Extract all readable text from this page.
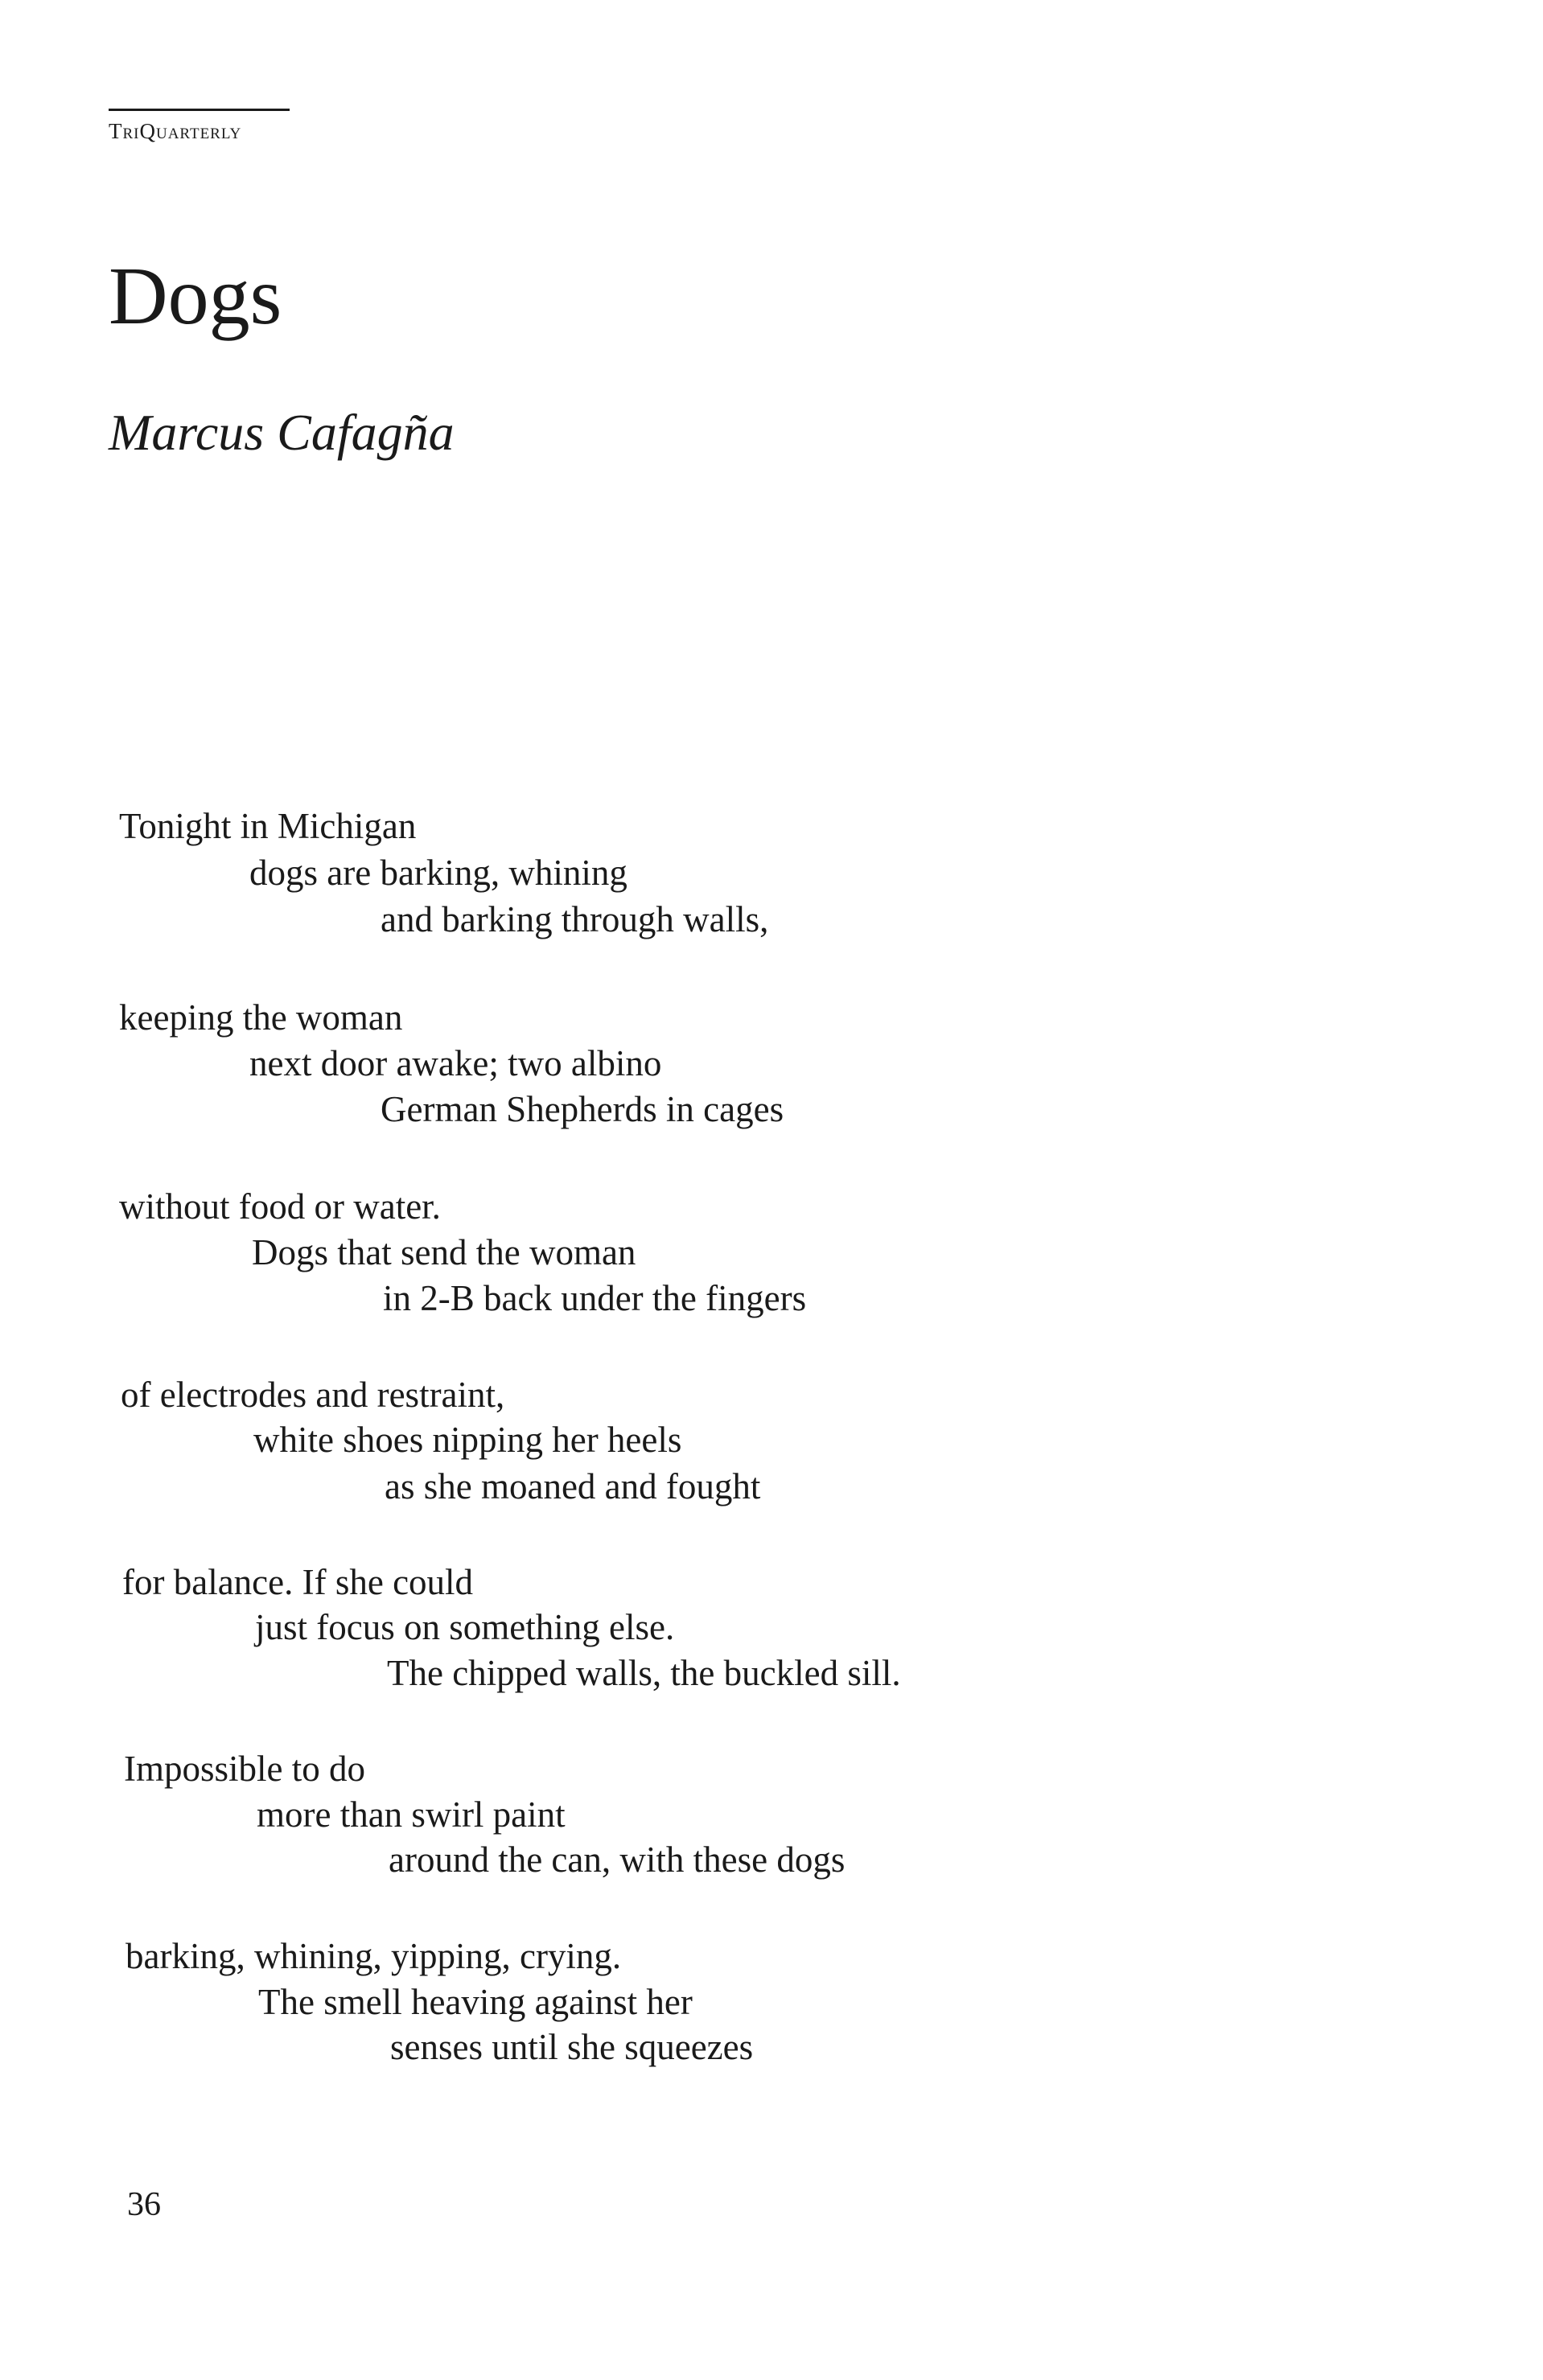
TriQuarterly
Dogs
Marcus Cafagña
Tonight in Michigan
dogs are barking, whining
and barking through walls,
keeping the woman
next door awake; two albino
German Shepherds in cages
without food or water.
Dogs that send the woman
in 2-B back under the fingers
of electrodes and restraint,
white shoes nipping her heels
as she moaned and fought
for balance. If she could
just focus on something else.
The chipped walls, the buckled sill.
Impossible to do
more than swirl paint
around the can, with these dogs
barking, whining, yipping, crying.
The smell heaving against her
senses until she squeezes
36
